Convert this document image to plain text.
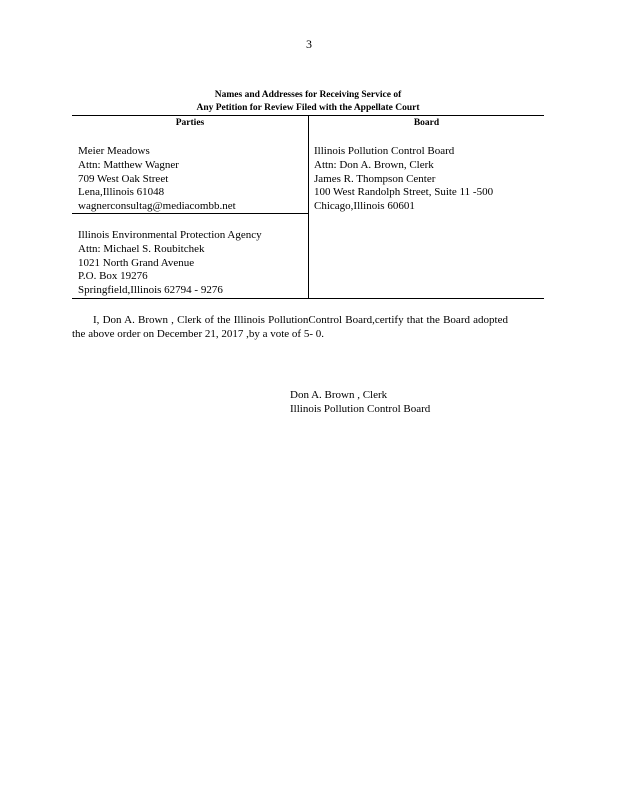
3
Names and Addresses for Receiving Service of
Any Petition for Review Filed with the Appellate Court
Parties	Board
Meier Meadows
Attn: Matthew Wagner
709 West Oak Street
Lena,Illinois 61048
wagnerconsultag@mediacombb.net
Illinois Environmental Protection Agency
Attn: Michael S. Roubitchek
1021 North Grand Avenue
P.O. Box 19276
Springfield,Illinois 62794 - 9276
Illinois Pollution Control Board
Attn: Don A. Brown, Clerk
James R. Thompson Center
100 West Randolph Street, Suite 11 -500
Chicago,Illinois 60601
I, Don A. Brown , Clerk of the Illinois PollutionControl Board,certify that the Board adopted the above order on December 21, 2017 ,by a vote of 5- 0.
Don A. Brown , Clerk
Illinois Pollution Control Board
